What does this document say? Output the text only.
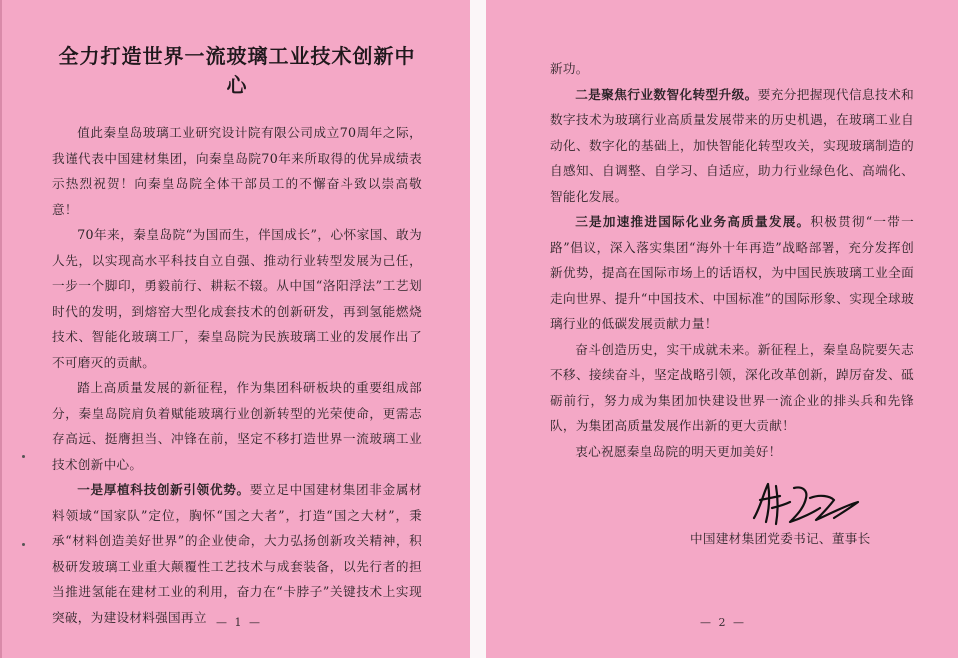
全力打造世界一流玻璃工业技术创新中心

值此秦皇岛玻璃工业研究设计院有限公司成立70周年之际，我谨代表中国建材集团，向秦皇岛院70年来所取得的优异成绩表示热烈祝贺！向秦皇岛院全体干部员工的不懈奋斗致以崇高敬意！

70年来，秦皇岛院“为国而生，伴国成长”，心怀家国、敢为人先，以实现高水平科技自立自强、推动行业转型发展为己任，一步一个脚印，勇毅前行、耕耘不辍。从中国“洛阳浮法”工艺划时代的发明，到熔窑大型化成套技术的创新研发，再到氢能燃烧技术、智能化玻璃工厂，秦皇岛院为民族玻璃工业的发展作出了不可磨灭的贡献。

踏上高质量发展的新征程，作为集团科研板块的重要组成部分，秦皇岛院肩负着赋能玻璃行业创新转型的光荣使命，更需志存高远、挺膺担当、冲锋在前，坚定不移打造世界一流玻璃工业技术创新中心。

一是厚植科技创新引领优势。要立足中国建材集团非金属材料领域“国家队”定位，胸怀“国之大者”，打造“国之大材”，秉承“材料创造美好世界”的企业使命，大力弘扬创新攻关精神，积极研发玻璃工业重大颠覆性工艺技术与成套装备，以先行者的担当推进氢能在建材工业的利用，奋力在“卡脖子”关键技术上实现突破，为建设材料强国再立

新功。

二是聚焦行业数智化转型升级。要充分把握现代信息技术和数字技术为玻璃行业高质量发展带来的历史机遇，在玻璃工业自动化、数字化的基础上，加快智能化转型攻关，实现玻璃制造的自感知、自调整、自学习、自适应，助力行业绿色化、高端化、智能化发展。

三是加速推进国际化业务高质量发展。积极贯彻“一带一路”倡议，深入落实集团“海外十年再造”战略部署，充分发挥创新优势，提高在国际市场上的话语权，为中国民族玻璃工业全面走向世界、提升“中国技术、中国标准”的国际形象、实现全球玻璃行业的低碳发展贡献力量！

奋斗创造历史，实干成就未来。新征程上，秦皇岛院要矢志不移、接续奋斗，坚定战略引领，深化改革创新，踔厉奋发、砥砺前行，努力成为集团加快建设世界一流企业的排头兵和先锋队，为集团高质量发展作出新的更大贡献！

衷心祝愿秦皇岛院的明天更加美好！

中国建材集团党委书记、董事长
— 1 —	— 2 —
